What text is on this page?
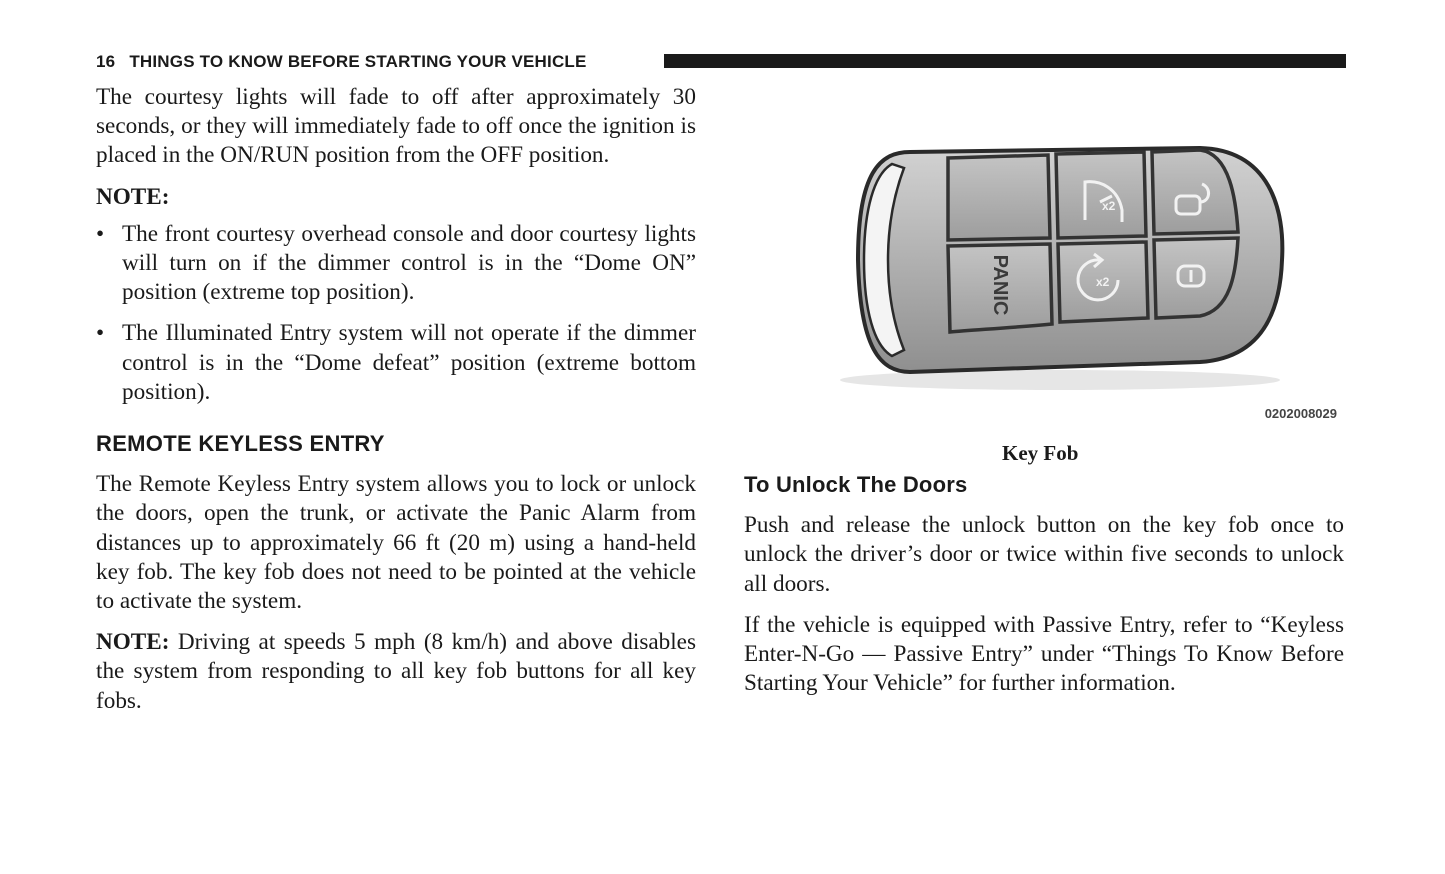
16 THINGS TO KNOW BEFORE STARTING YOUR VEHICLE

The courtesy lights will fade to off after approximately 30 seconds, or they will immediately fade to off once the ignition is placed in the ON/RUN position from the OFF position.

NOTE:
• The front courtesy overhead console and door courtesy lights will turn on if the dimmer control is in the “Dome ON” position (extreme top position).
• The Illuminated Entry system will not operate if the dimmer control is in the “Dome defeat” position (extreme bottom position).
REMOTE KEYLESS ENTRY

The Remote Keyless Entry system allows you to lock or unlock the doors, open the trunk, or activate the Panic Alarm from distances up to approximately 66 ft (20 m) using a hand-held key fob. The key fob does not need to be pointed at the vehicle to activate the system.

NOTE: Driving at speeds 5 mph (8 km/h) and above disables the system from responding to all key fob buttons for all key fobs.

PANIC
x2
x2
0202008029
Key Fob
To Unlock The Doors

Push and release the unlock button on the key fob once to unlock the driver’s door or twice within five seconds to unlock all doors.

If the vehicle is equipped with Passive Entry, refer to “Keyless Enter-N-Go — Passive Entry” under “Things To Know Before Starting Your Vehicle” for further information.
